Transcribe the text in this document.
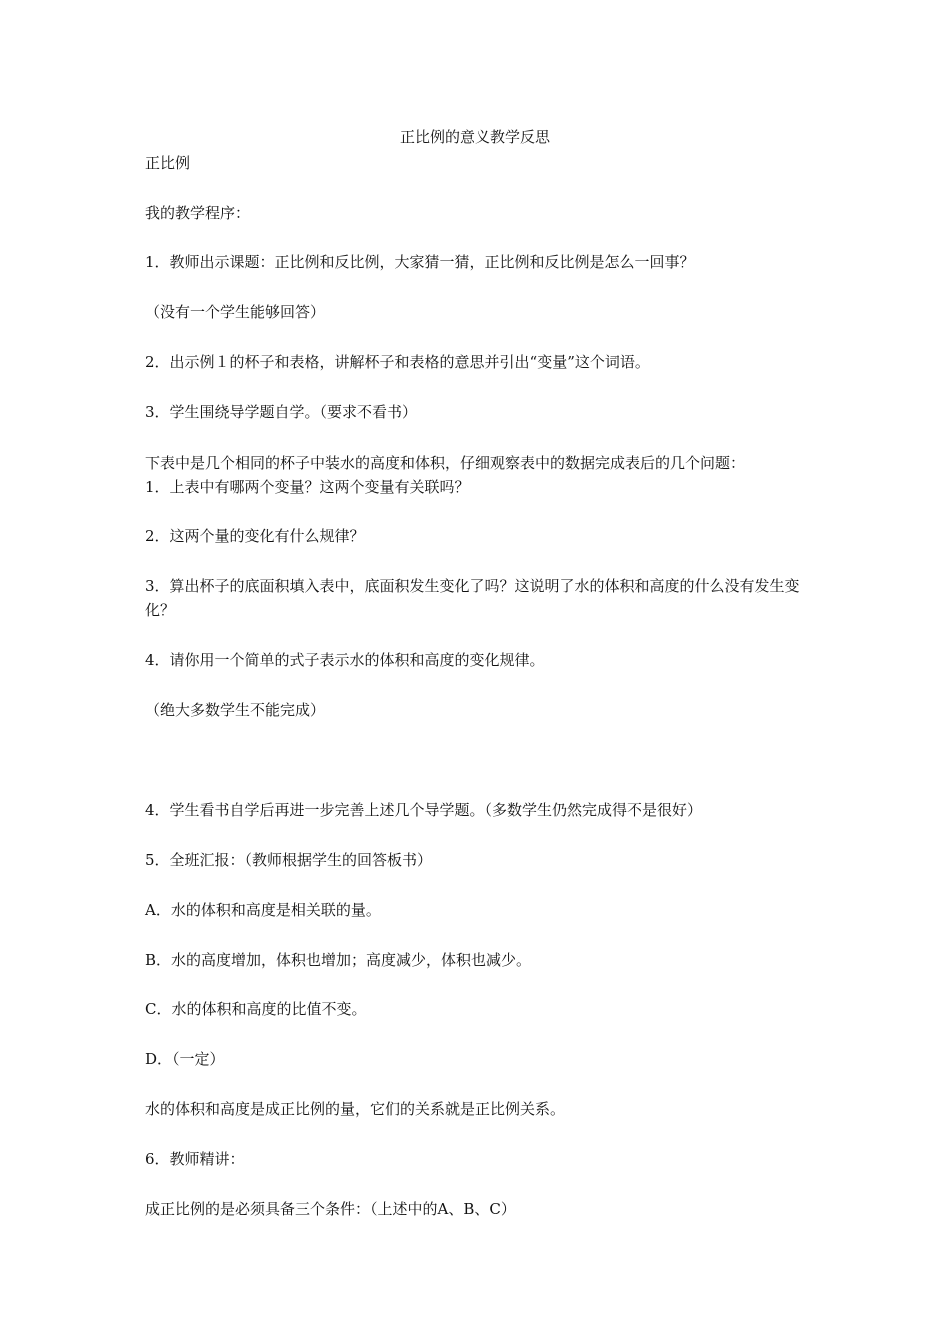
正比例的意义教学反思
正比例
我的教学程序：
1．教师出示课题：正比例和反比例，大家猜一猜，正比例和反比例是怎么一回事？
（没有一个学生能够回答）
2．出示例１的杯子和表格，讲解杯子和表格的意思并引出“变量”这个词语。
3．学生围绕导学题自学。（要求不看书）
下表中是几个相同的杯子中装水的高度和体积，仔细观察表中的数据完成表后的几个问题：
1．上表中有哪两个变量？这两个变量有关联吗？
2．这两个量的变化有什么规律？
3．算出杯子的底面积填入表中，底面积发生变化了吗？这说明了水的体积和高度的什么没有发生变化？
4．请你用一个简单的式子表示水的体积和高度的变化规律。
（绝大多数学生不能完成）
4．学生看书自学后再进一步完善上述几个导学题。（多数学生仍然完成得不是很好）
5．全班汇报：（教师根据学生的回答板书）
A．水的体积和高度是相关联的量。
B．水的高度增加，体积也增加；高度减少，体积也减少。
C．水的体积和高度的比值不变。
D．（一定）
水的体积和高度是成正比例的量，它们的关系就是正比例关系。
6．教师精讲：
成正比例的是必须具备三个条件：（上述中的A、B、C）
